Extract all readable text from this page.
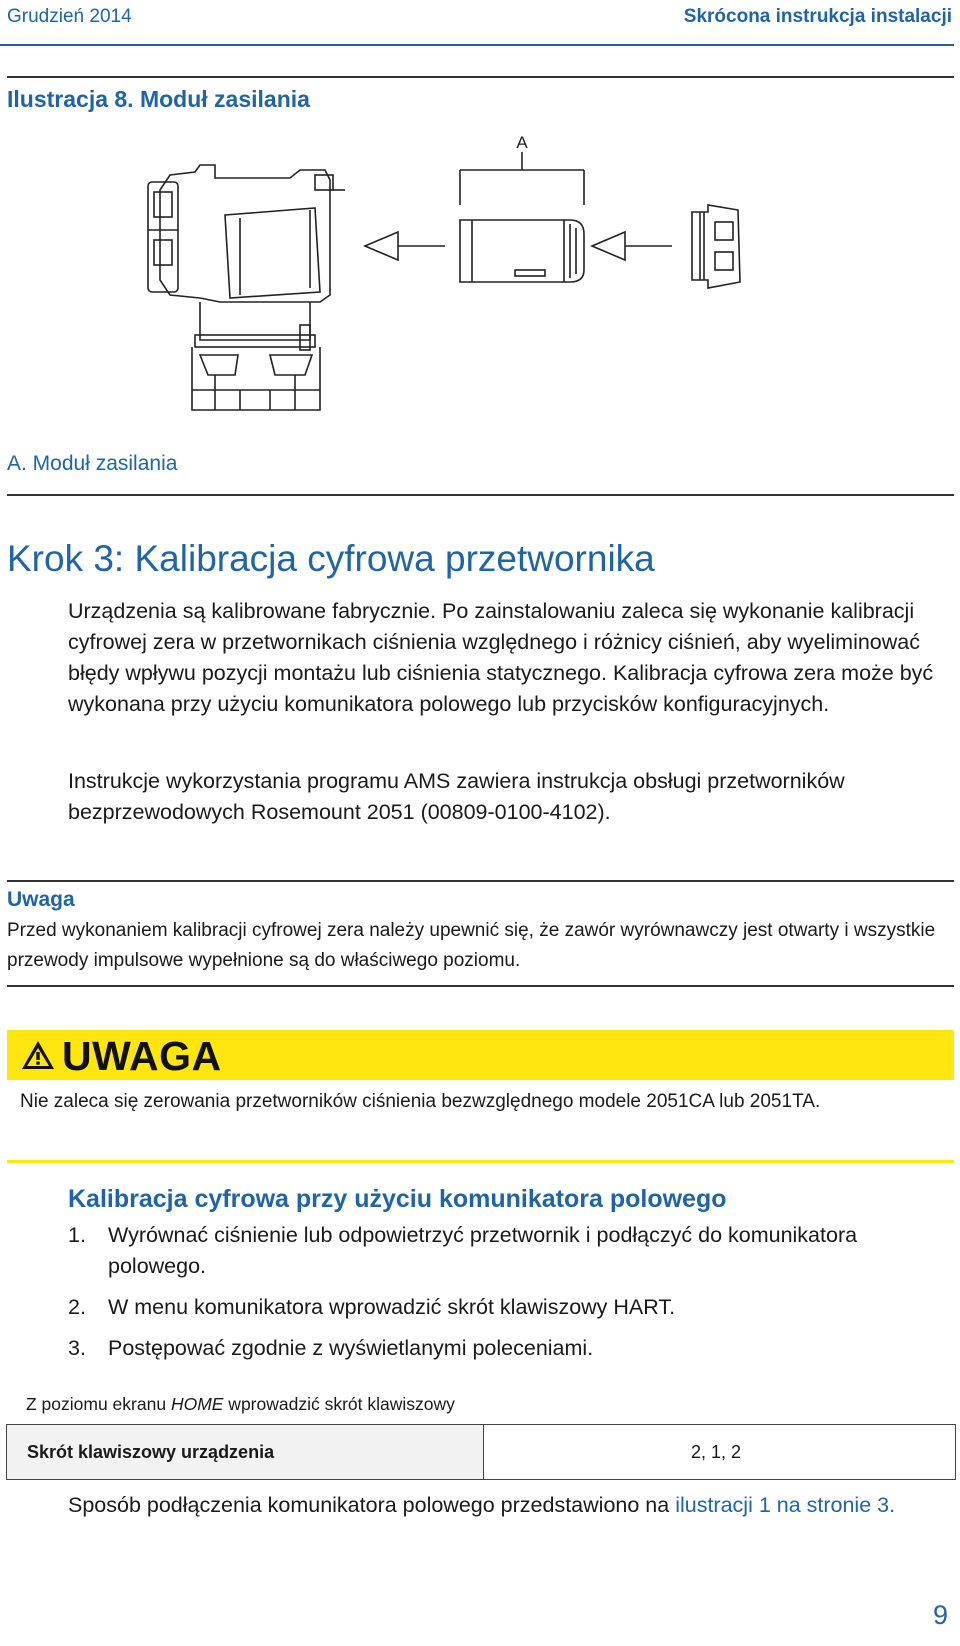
Grudzień 2014	Skrócona instrukcja instalacji
Ilustracja 8. Moduł zasilania
A
A. Moduł zasilania
Krok 3: Kalibracja cyfrowa przetwornika
Urządzenia są kalibrowane fabrycznie. Po zainstalowaniu zaleca się wykonanie kalibracji cyfrowej zera w przetwornikach ciśnienia względnego i różnicy ciśnień, aby wyeliminować błędy wpływu pozycji montażu lub ciśnienia statycznego. Kalibracja cyfrowa zera może być wykonana przy użyciu komunikatora polowego lub przycisków konfiguracyjnych.
Instrukcje wykorzystania programu AMS zawiera instrukcja obsługi przetworników bezprzewodowych Rosemount 2051 (00809-0100-4102).
Uwaga
Przed wykonaniem kalibracji cyfrowej zera należy upewnić się, że zawór wyrównawczy jest otwarty i wszystkie przewody impulsowe wypełnione są do właściwego poziomu.
UWAGA
Nie zaleca się zerowania przetworników ciśnienia bezwzględnego modele 2051CA lub 2051TA.
Kalibracja cyfrowa przy użyciu komunikatora polowego
1. Wyrównać ciśnienie lub odpowietrzyć przetwornik i podłączyć do komunikatora polowego.
2. W menu komunikatora wprowadzić skrót klawiszowy HART.
3. Postępować zgodnie z wyświetlanymi poleceniami.
Z poziomu ekranu HOME wprowadzić skrót klawiszowy
Skrót klawiszowy urządzenia	2, 1, 2
Sposób podłączenia komunikatora polowego przedstawiono na ilustracji 1 na stronie 3.
9
